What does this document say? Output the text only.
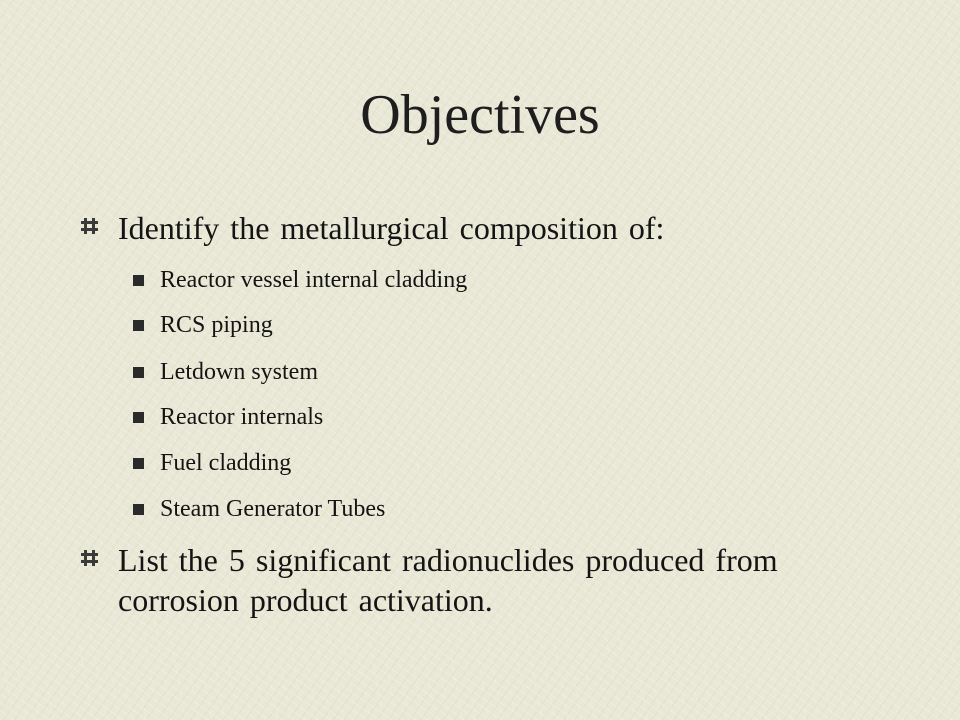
Objectives
Identify the metallurgical composition of:
Reactor vessel internal cladding
RCS piping
Letdown system
Reactor internals
Fuel cladding
Steam Generator Tubes
List the 5 significant radionuclides produced from corrosion product activation.
